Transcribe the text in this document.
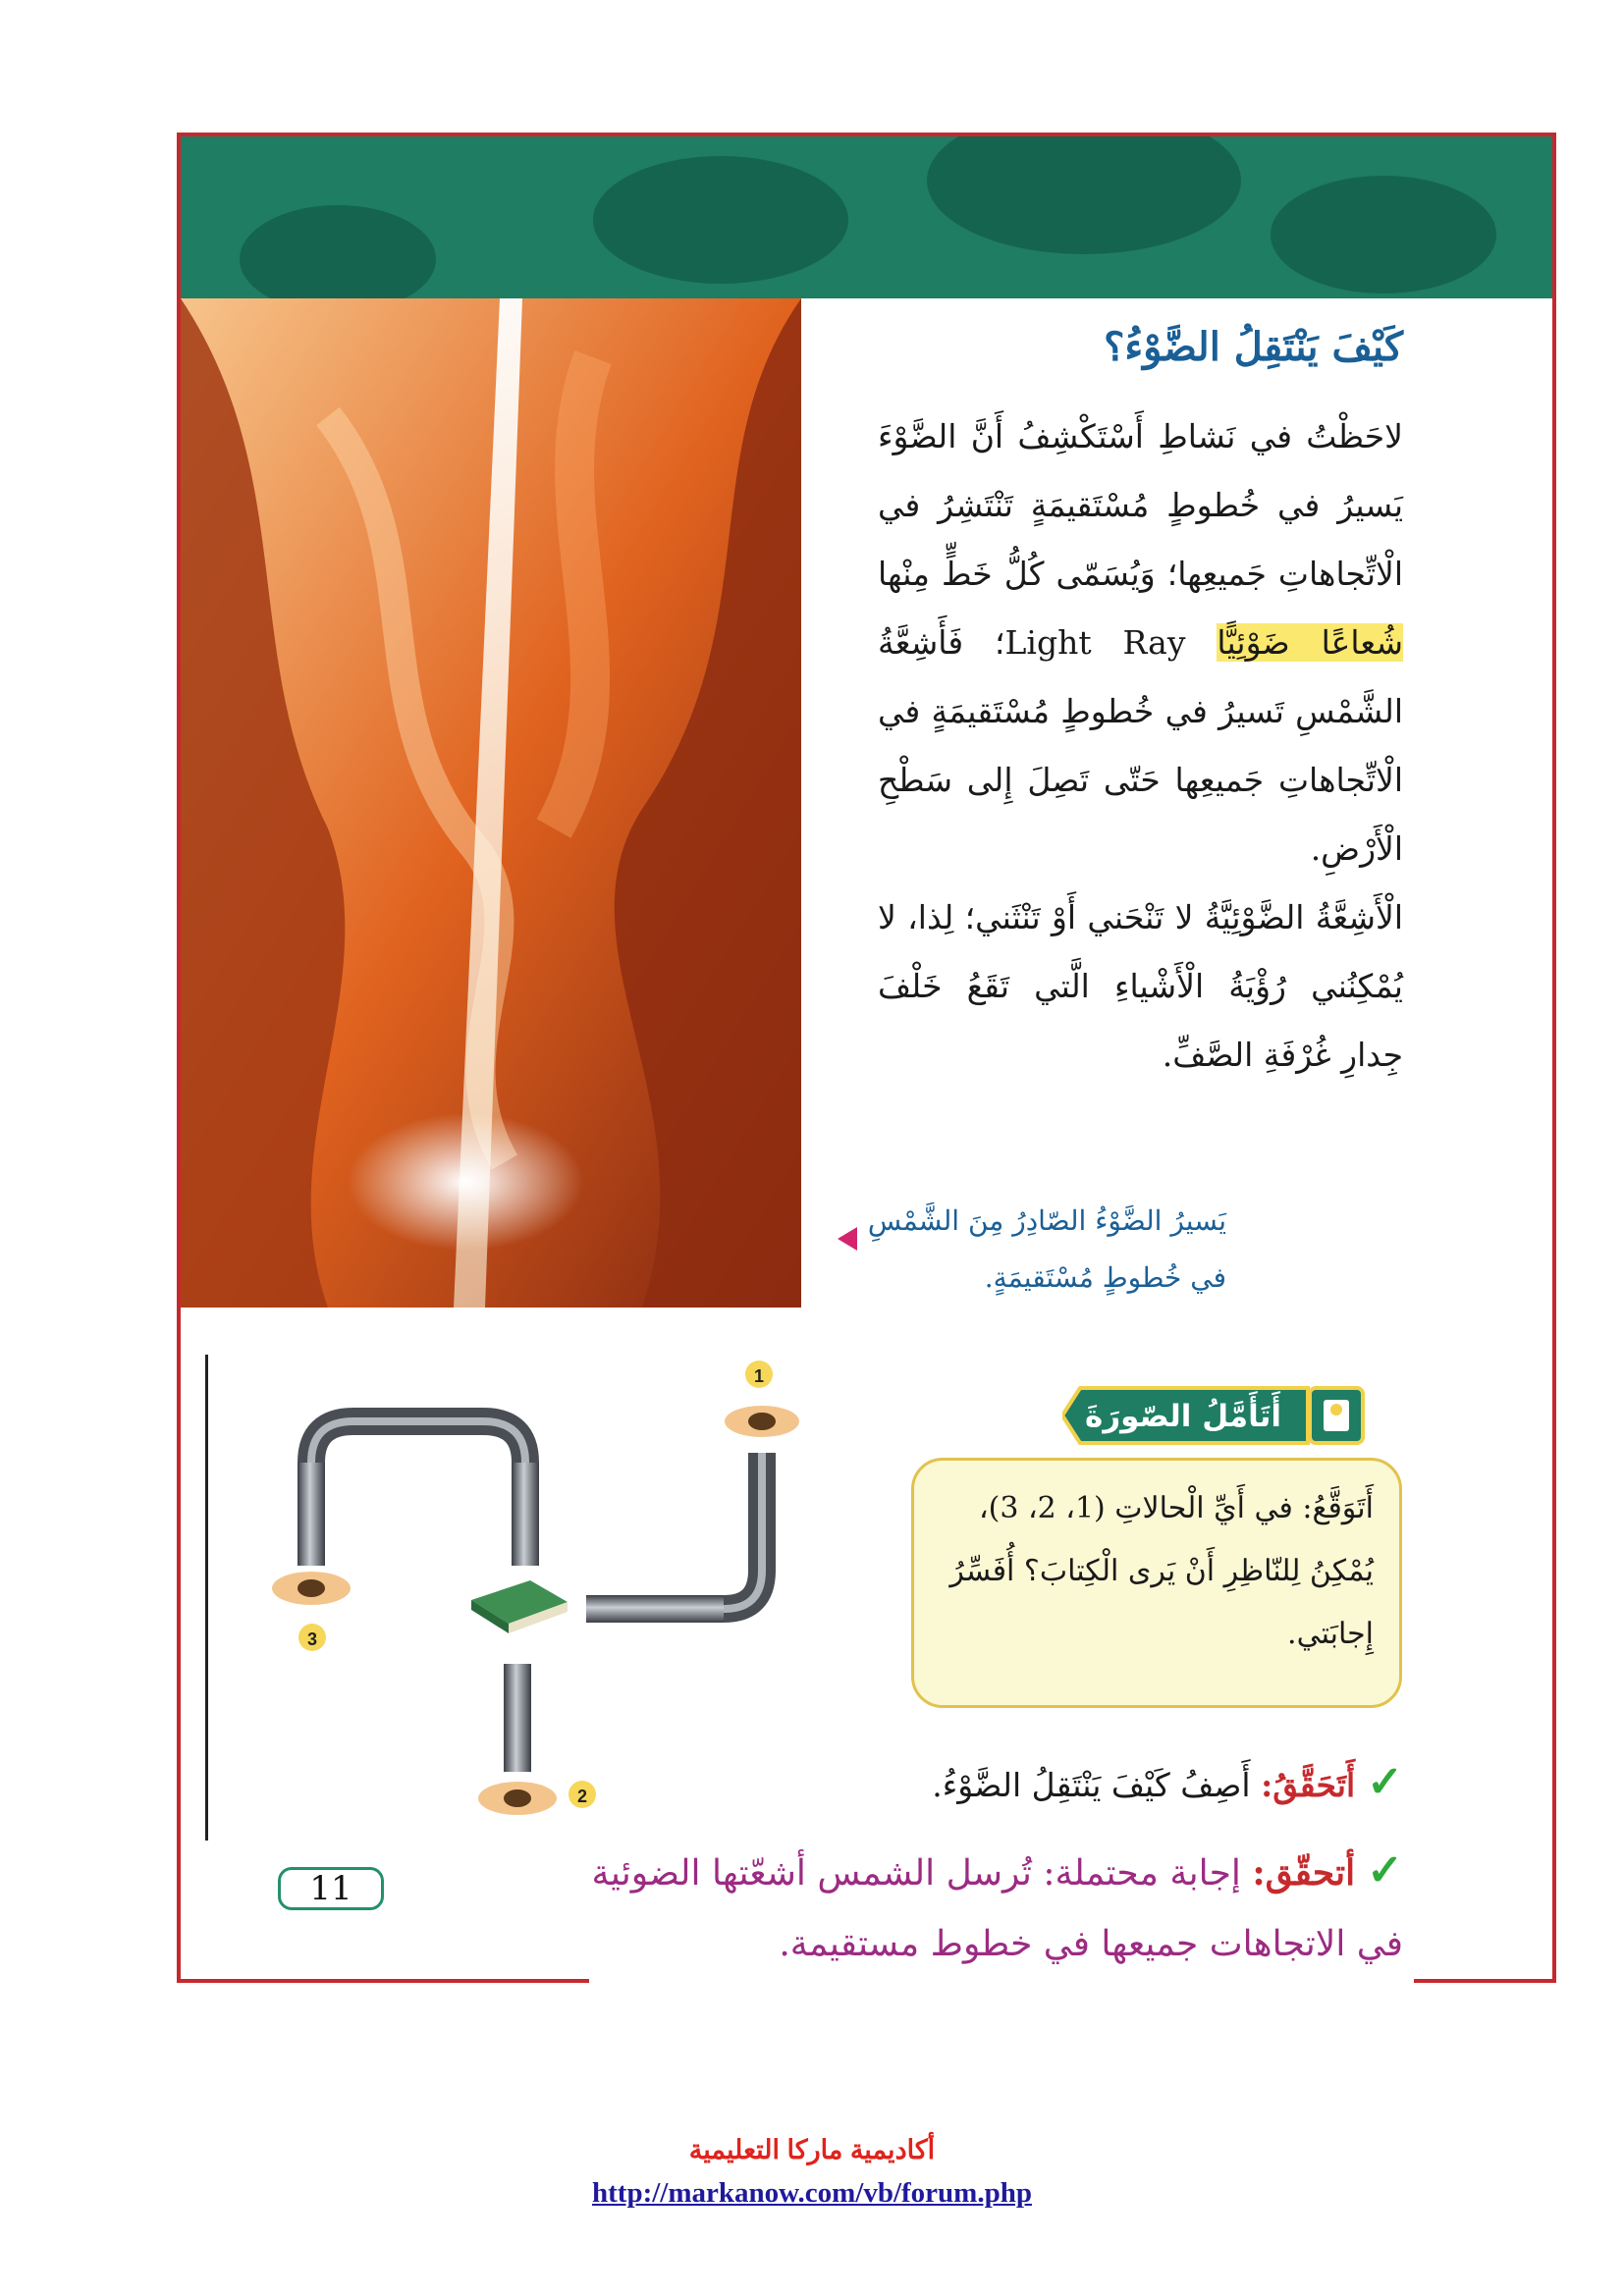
كَيْفَ يَنْتَقِلُ الضَّوْءُ؟

لاحَظْتُ في نَشاطِ أَسْتَكْشِفُ أَنَّ الضَّوْءَ يَسيرُ في خُطوطٍ مُسْتَقيمَةٍ تَنْتَشِرُ في الْاتِّجاهاتِ جَميعِها؛ وَيُسَمّى كُلُّ خَطٍّ مِنْها شُعاعًا ضَوْئِيًّا Light Ray؛ فَأَشِعَّةُ الشَّمْسِ تَسيرُ في خُطوطٍ مُسْتَقيمَةٍ في الْاتِّجاهاتِ جَميعِها حَتّى تَصِلَ إِلى سَطْحِ الْأَرْضِ.

الْأَشِعَّةُ الضَّوْئِيَّةُ لا تَنْحَني أَوْ تَنْثَني؛ لِذا، لا يُمْكِنُني رُؤْيَةُ الْأَشْياءِ الَّتي تَقَعُ خَلْفَ جِدارِ غُرْفَةِ الصَّفِّ.

يَسيرُ الضَّوْءُ الصّادِرُ مِنَ الشَّمْسِ في خُطوطٍ مُسْتَقيمَةٍ.
1
3
2
أَتَأَمَّلُ الصّورَةَ
أَتَوَقَّعُ: في أَيِّ الْحالاتِ (1، 2، 3)، يُمْكِنُ لِلنّاظِرِ أَنْ يَرى الْكِتابَ؟ أُفَسِّرُ إِجابَتي.
✓أَتَحَقَّقُ: أَصِفُ كَيْفَ يَنْتَقِلُ الضَّوْءُ.
✓أتحقّق: إجابة محتملة: تُرسل الشمس أشعّتها الضوئية في الاتجاهات جميعها في خطوط مستقيمة.
11
أكاديمية ماركا التعليمية
http://markanow.com/vb/forum.php
